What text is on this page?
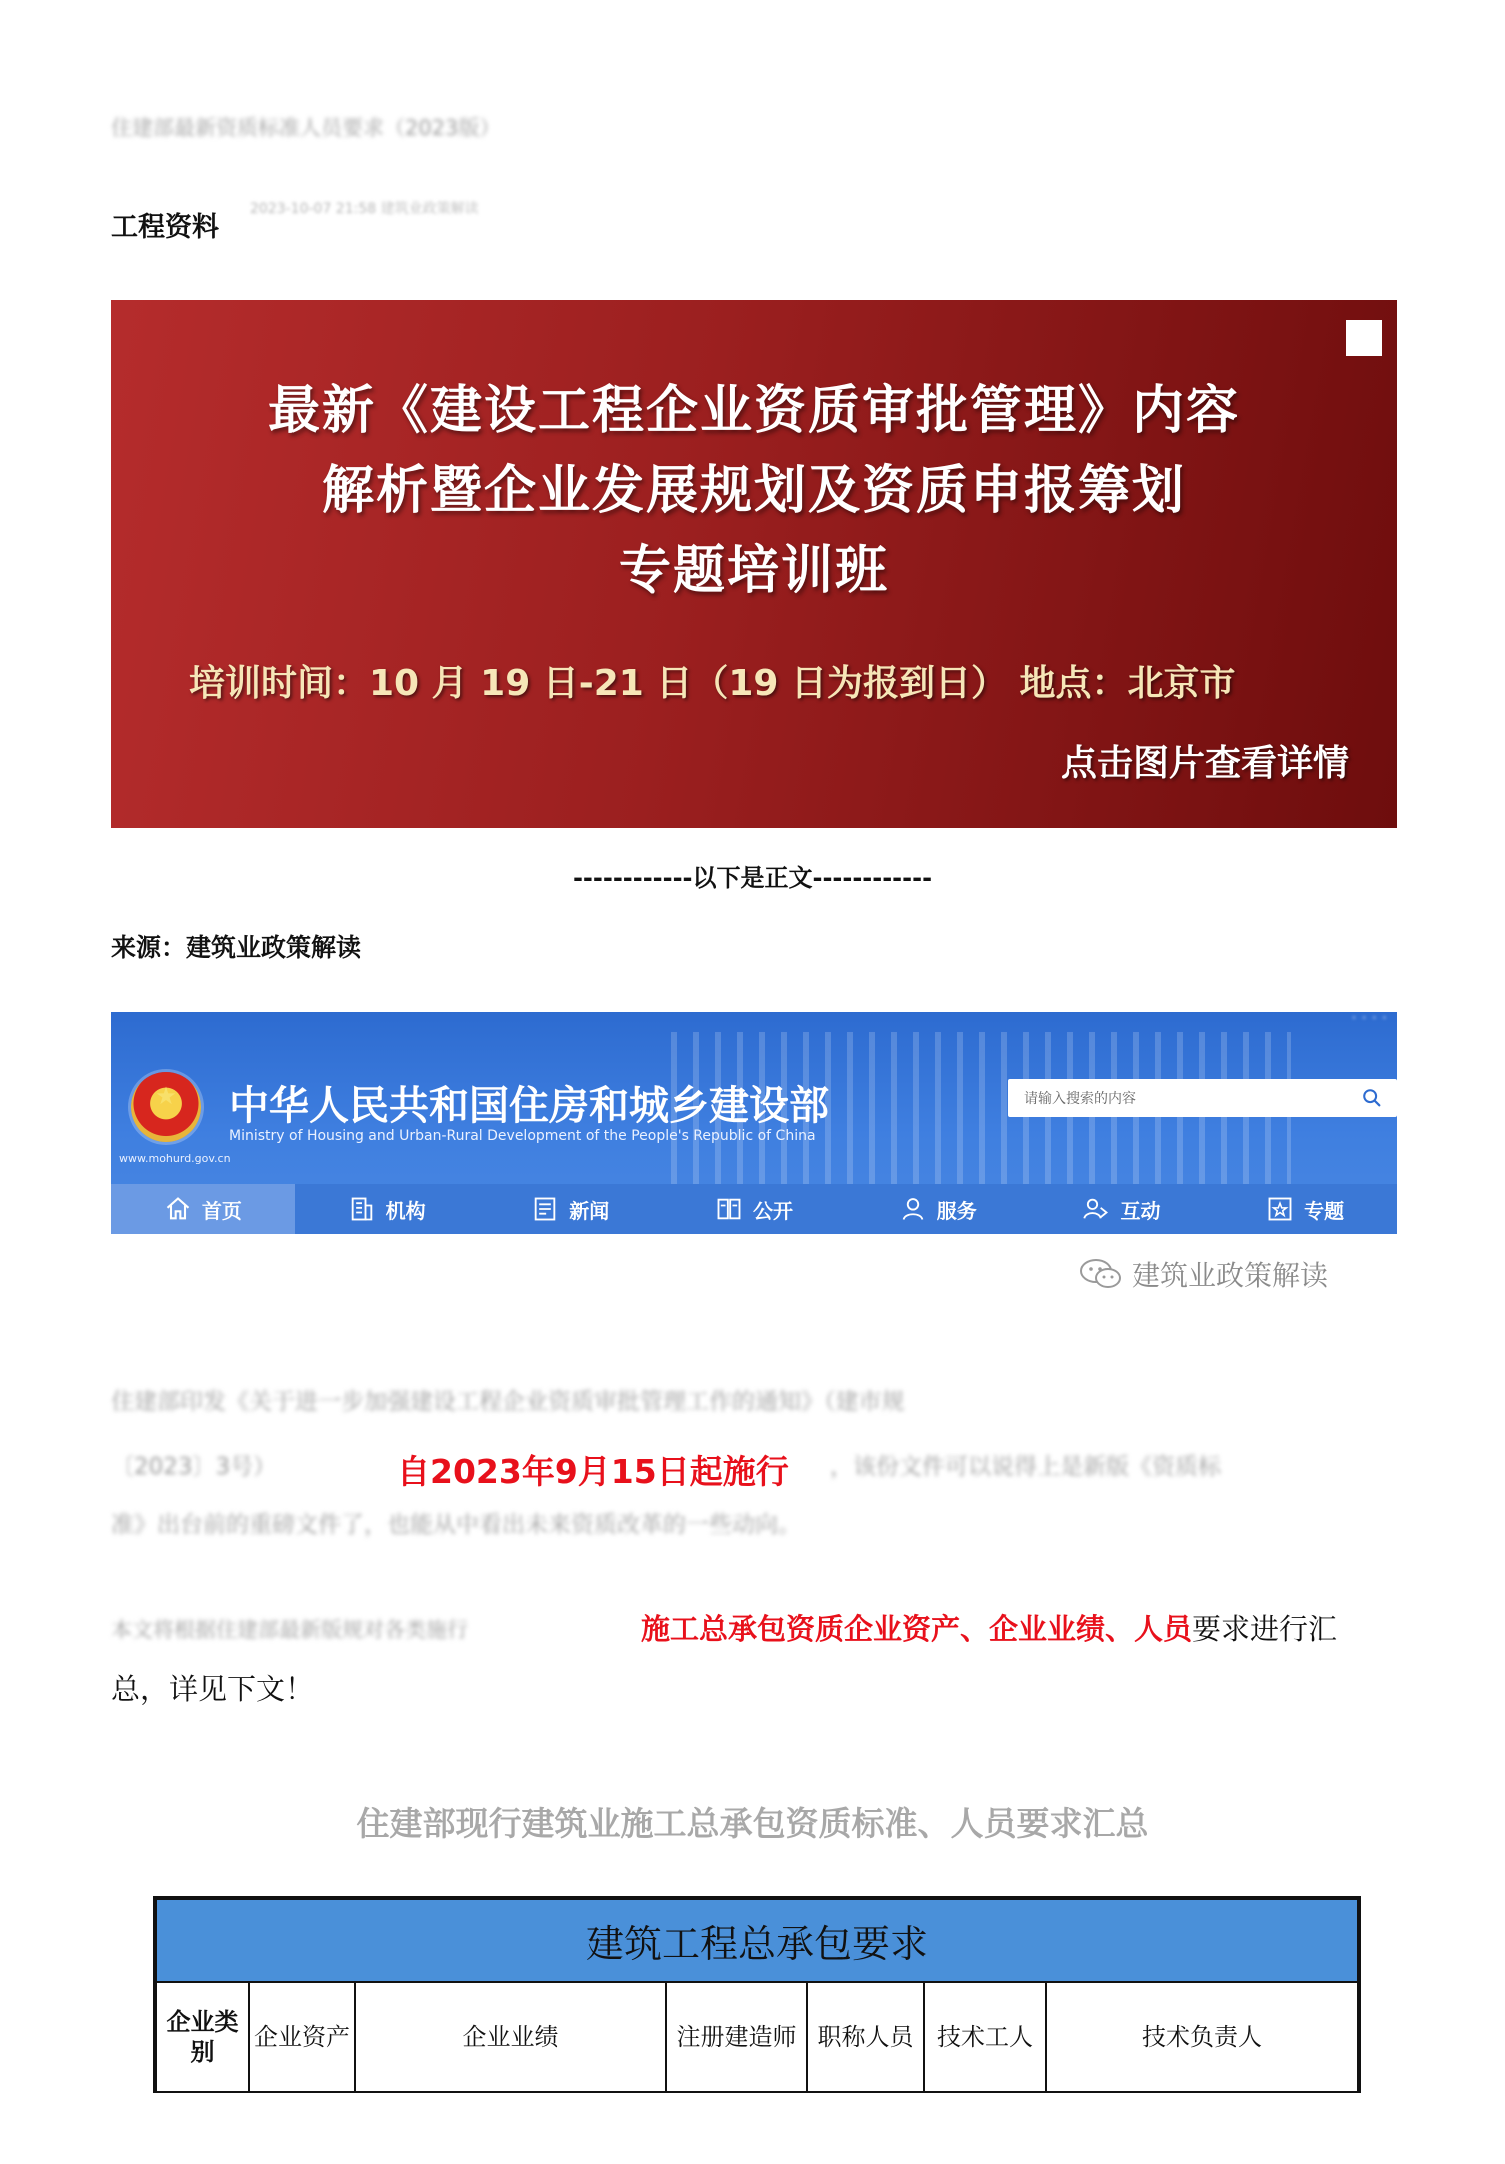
住建部最新资质标准人员要求（2023版）
工程资料
2023-10-07 21:58 建筑业政策解读
最新《建设工程企业资质审批管理》内容
解析暨企业发展规划及资质申报筹划
专题培训班
培训时间：10 月 19 日-21 日（19 日为报到日） 地点：北京市
点击图片查看详情
------------以下是正文------------
来源：建筑业政策解读
· · · ·
★	中华人民共和国住房和城乡建设部
Ministry of Housing and Urban-Rural Development of the People's Republic of China
www.mohurd.gov.cn
请输入搜索的内容
首页	机构	新闻	公开	服务	互动	专题
建筑业政策解读
住建部印发《关于进一步加强建设工程企业资质审批管理工作的通知》（建市规
〔2023〕3号）	自2023年9月15日起施行 ，该份文件可以说得上是新版《资质标
准》出台前的重磅文件了，也能从中看出未来资质改革的一些动向。
本文将根据住建部最新版规对各类施行	施工总承包资质企业资产、企业业绩、人员要求进行汇
总，详见下文！
住建部现行建筑业施工总承包资质标准、人员要求汇总
建筑工程总承包要求
企业类别	企业资产	企业业绩	注册建造师	职称人员	技术工人	技术负责人
